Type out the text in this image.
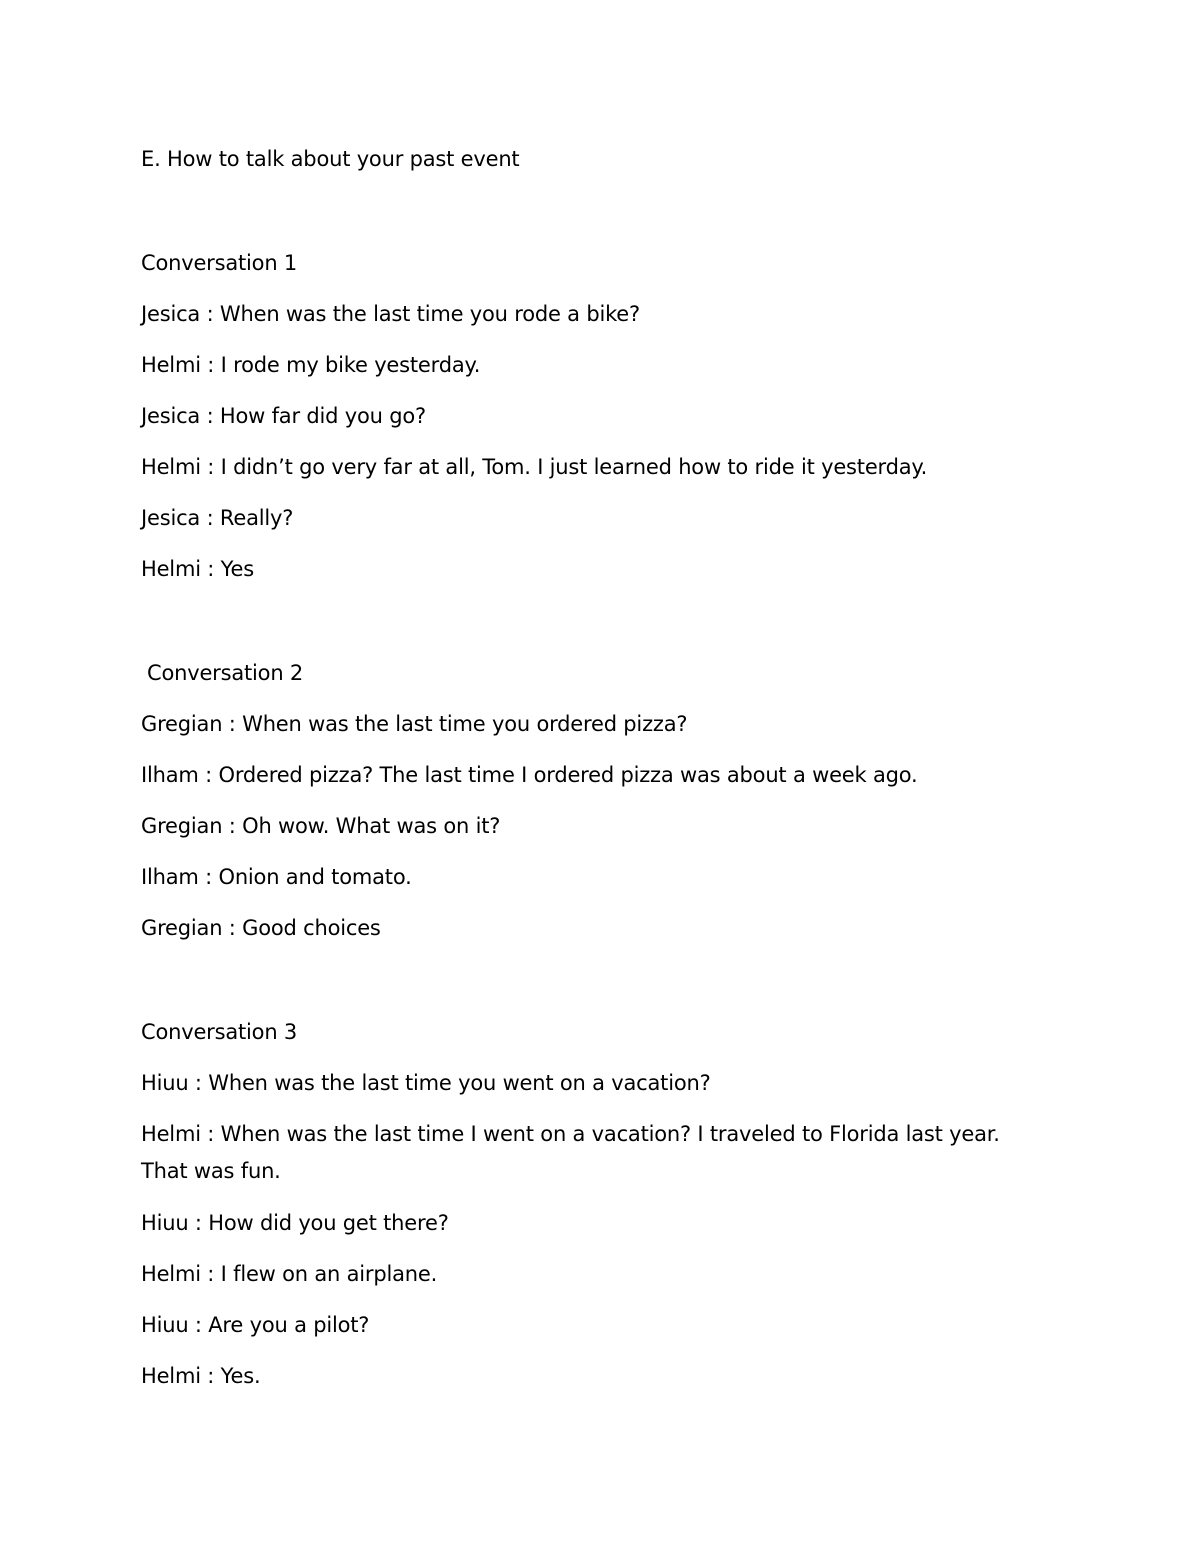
E. How to talk about your past event
Conversation 1

Jesica : When was the last time you rode a bike?

Helmi : I rode my bike yesterday.

Jesica : How far did you go?

Helmi : I didn’t go very far at all, Tom. I just learned how to ride it yesterday.

Jesica : Really?

Helmi : Yes

Conversation 2

Gregian : When was the last time you ordered pizza?

Ilham : Ordered pizza? The last time I ordered pizza was about a week ago.

Gregian : Oh wow. What was on it?

Ilham : Onion and tomato.

Gregian : Good choices

Conversation 3

Hiuu : When was the last time you went on a vacation?

Helmi : When was the last time I went on a vacation? I traveled to Florida last year. That was fun.

Hiuu : How did you get there?

Helmi : I flew on an airplane.

Hiuu : Are you a pilot?

Helmi : Yes.
